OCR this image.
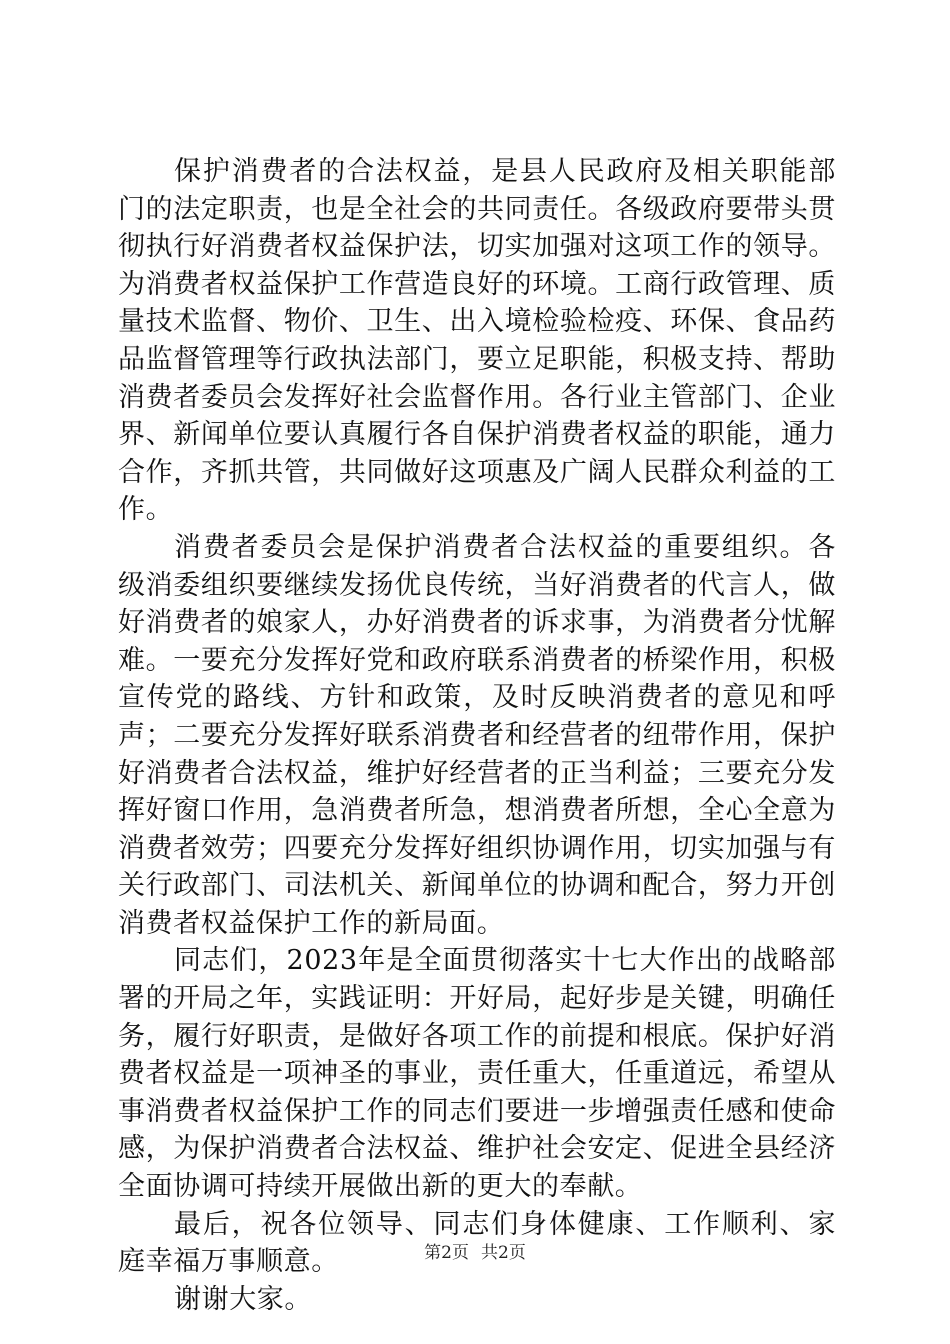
保护消费者的合法权益，是县人民政府及相关职能部门的法定职责，也是全社会的共同责任。各级政府要带头贯彻执行好消费者权益保护法，切实加强对这项工作的领导。为消费者权益保护工作营造良好的环境。工商行政管理、质量技术监督、物价、卫生、出入境检验检疫、环保、食品药品监督管理等行政执法部门，要立足职能，积极支持、帮助消费者委员会发挥好社会监督作用。各行业主管部门、企业界、新闻单位要认真履行各自保护消费者权益的职能，通力合作，齐抓共管，共同做好这项惠及广阔人民群众利益的工作。

消费者委员会是保护消费者合法权益的重要组织。各级消委组织要继续发扬优良传统，当好消费者的代言人，做好消费者的娘家人，办好消费者的诉求事，为消费者分忧解难。一要充分发挥好党和政府联系消费者的桥梁作用，积极宣传党的路线、方针和政策，及时反映消费者的意见和呼声；二要充分发挥好联系消费者和经营者的纽带作用，保护好消费者合法权益，维护好经营者的正当利益；三要充分发挥好窗口作用，急消费者所急，想消费者所想，全心全意为消费者效劳；四要充分发挥好组织协调作用，切实加强与有关行政部门、司法机关、新闻单位的协调和配合，努力开创消费者权益保护工作的新局面。

同志们，2023年是全面贯彻落实十七大作出的战略部署的开局之年，实践证明：开好局，起好步是关键，明确任务，履行好职责，是做好各项工作的前提和根底。保护好消费者权益是一项神圣的事业，责任重大，任重道远，希望从事消费者权益保护工作的同志们要进一步增强责任感和使命感，为保护消费者合法权益、维护社会安定、促进全县经济全面协调可持续开展做出新的更大的奉献。

最后，祝各位领导、同志们身体健康、工作顺利、家庭幸福万事顺意。

谢谢大家。

第2页 共2页
